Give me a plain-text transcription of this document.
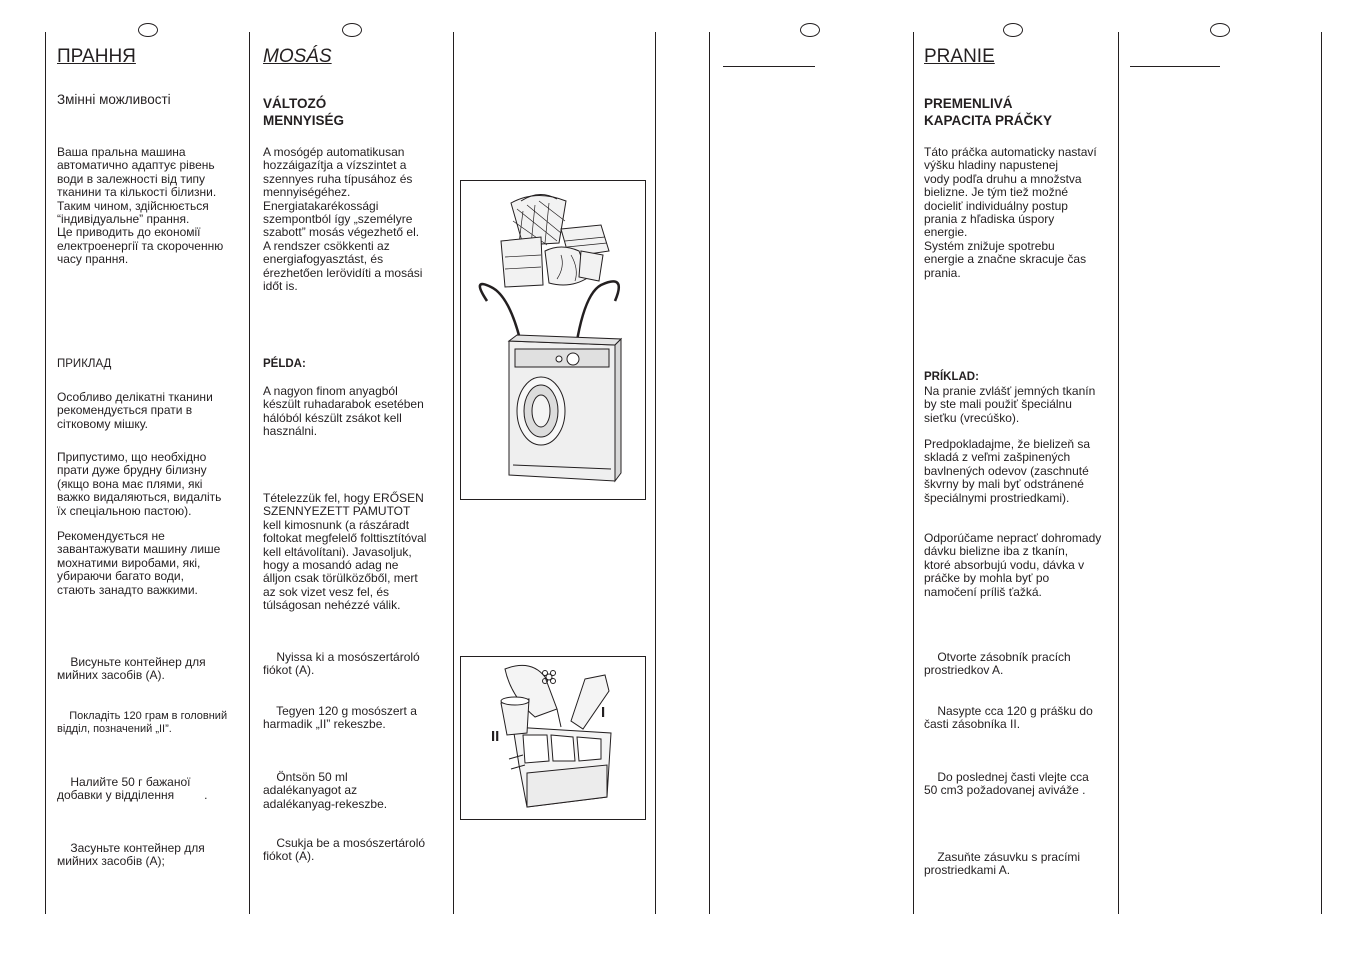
ПРАННЯ
Змінні можливості
Ваша пральна машина
автоматично адаптує рівень
води в залежності від типу
тканини та кількості білизни.
Таким чином, здійснюється
“індивідуальне” прання.
Це приводить до економії
електроенергії та скороченню
часу прання.
ПРИКЛАД
Особливо делікатні тканини
рекомендується прати в
сітковому мішку.
Припустимо, що необхідно
прати дуже брудну білизну
(якщо вона має плями, які
важко видаляються, видаліть
їх спеціальною пастою).
Рекомендується не
завантажувати машину лише
мохнатими виробами, які,
убираючи багато води,
стають занадто важкими.
Висуньте контейнер для
мийних засобів (A).
Покладіть 120 грам в головний
відділ, позначений „II”.
Налийте 50 г бажаної
добавки у відділення         .
Засуньте контейнер для
мийних засобів (A);
MOSÁS
VÁLTOZÓ
MENNYISÉG
A mosógép automatikusan
hozzáigazítja a vízszintet a
szennyes ruha típusához és
mennyiségéhez.
Energiatakarékossági
szempontból így „személyre
szabott” mosás végezhető el.
A rendszer csökkenti az
energiafogyasztást, és
érezhetően lerövidíti a mosási
időt is.
PÉLDA:
A nagyon finom anyagból
készült ruhadarabok esetében
hálóból készült zsákot kell
használni.
Tételezzük fel, hogy ERŐSEN
SZENNYEZETT PAMUTOT
kell kimosnunk (a rászáradt
foltokat megfelelő folttisztítóval
kell eltávolítani). Javasoljuk,
hogy a mosandó adag ne
álljon csak törülközőből, mert
az sok vizet vesz fel, és
túlságosan nehézzé válik.
Nyissa ki a mosószertároló
fiókot (A).
Tegyen 120 g mosószert a
harmadik „II” rekeszbe.
Öntsön 50 ml
adalékanyagot az
adalékanyag-rekeszbe.
Csukja be a mosószertároló
fiókot (A).
I
II
PRANIE
PREMENLIVÁ
KAPACITA PRÁČKY
Táto práčka automaticky nastaví
výšku hladiny napustenej
vody podľa druhu a množstva
bielizne. Je tým tiež možné
docieliť individuálny postup
prania z hľadiska úspory
energie.
Systém znižuje spotrebu
energie a značne skracuje čas
prania.
PRÍKLAD:
Na pranie zvlášť jemných tkanín
by ste mali použiť špeciálnu
sieťku (vrecúško).
Predpokladajme, že bielizeň sa
skladá z veľmi zašpinených
bavlnených odevov (zaschnuté
škvrny by mali byť odstránené
špeciálnymi prostriedkami).
Odporúčame nepracť dohromady
dávku bielizne iba z tkanín,
ktoré absorbujú vodu, dávka v
práčke by mohla byť po
namočení príliš ťažká.
Otvorte zásobník pracích
prostriedkov A.
Nasypte cca 120 g prášku do
časti zásobníka II.
Do poslednej časti vlejte cca
50 cm3 požadovanej aviváže .
Zasuňte zásuvku s pracími
prostriedkami A.
